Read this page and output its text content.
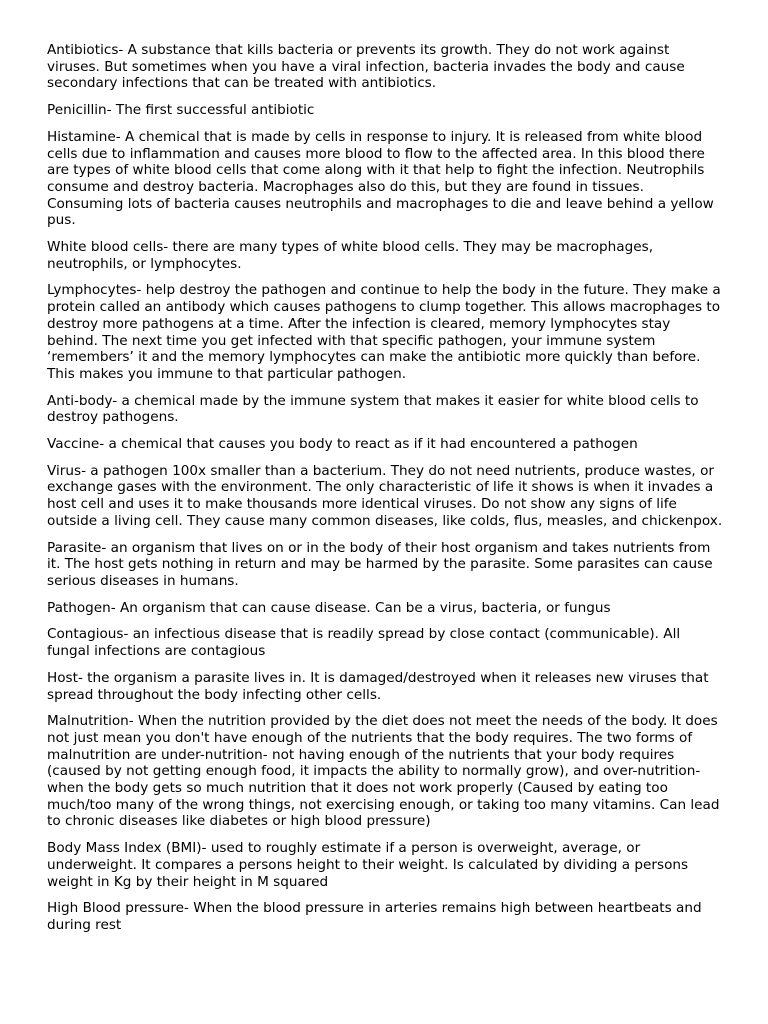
Antibiotics- A substance that kills bacteria or prevents its growth. They do not work against viruses. But sometimes when you have a viral infection, bacteria invades the body and cause secondary infections that can be treated with antibiotics.

Penicillin- The first successful antibiotic

Histamine- A chemical that is made by cells in response to injury. It is released from white blood cells due to inflammation and causes more blood to flow to the affected area. In this blood there are types of white blood cells that come along with it that help to fight the infection. Neutrophils consume and destroy bacteria. Macrophages also do this, but they are found in tissues. Consuming lots of bacteria causes neutrophils and macrophages to die and leave behind a yellow pus.

White blood cells- there are many types of white blood cells. They may be macrophages, neutrophils, or lymphocytes.

Lymphocytes- help destroy the pathogen and continue to help the body in the future. They make a protein called an antibody which causes pathogens to clump together. This allows macrophages to destroy more pathogens at a time. After the infection is cleared, memory lymphocytes stay behind. The next time you get infected with that specific pathogen, your immune system ‘remembers’ it and the memory lymphocytes can make the antibiotic more quickly than before. This makes you immune to that particular pathogen.

Anti-body- a chemical made by the immune system that makes it easier for white blood cells to destroy pathogens.

Vaccine- a chemical that causes you body to react as if it had encountered a pathogen

Virus- a pathogen 100x smaller than a bacterium. They do not need nutrients, produce wastes, or exchange gases with the environment. The only characteristic of life it shows is when it invades a host cell and uses it to make thousands more identical viruses. Do not show any signs of life outside a living cell. They cause many common diseases, like colds, flus, measles, and chickenpox.

Parasite- an organism that lives on or in the body of their host organism and takes nutrients from it. The host gets nothing in return and may be harmed by the parasite. Some parasites can cause serious diseases in humans.

Pathogen- An organism that can cause disease. Can be a virus, bacteria, or fungus

Contagious- an infectious disease that is readily spread by close contact (communicable). All fungal infections are contagious

Host- the organism a parasite lives in. It is damaged/destroyed when it releases new viruses that spread throughout the body infecting other cells.

Malnutrition- When the nutrition provided by the diet does not meet the needs of the body. It does not just mean you don't have enough of the nutrients that the body requires. The two forms of malnutrition are under-nutrition- not having enough of the nutrients that your body requires (caused by not getting enough food, it impacts the ability to normally grow), and over-nutrition- when the body gets so much nutrition that it does not work properly (Caused by eating too much/too many of the wrong things, not exercising enough, or taking too many vitamins. Can lead to chronic diseases like diabetes or high blood pressure)

Body Mass Index (BMI)- used to roughly estimate if a person is overweight, average, or underweight. It compares a persons height to their weight. Is calculated by dividing a persons weight in Kg by their height in M squared

High Blood pressure- When the blood pressure in arteries remains high between heartbeats and during rest
